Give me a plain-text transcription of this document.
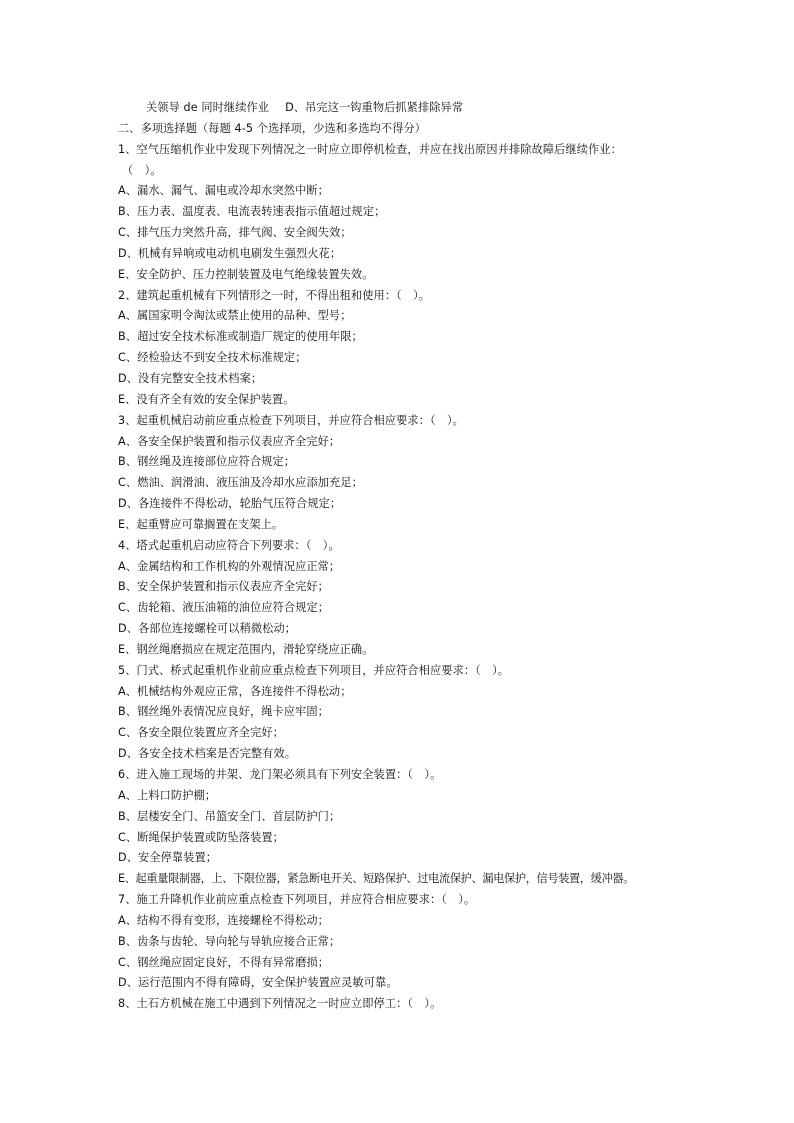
关领导 de 同时继续作业 D、吊完这一钩重物后抓紧排除异常
二、多项选择题（每题 4-5 个选择项，少选和多选均不得分）
1、空气压缩机作业中发现下列情况之一时应立即停机检查，并应在找出原因并排除故障后继续作业：
（　）。
A、漏水、漏气、漏电或冷却水突然中断；
B、压力表、温度表、电流表转速表指示值超过规定；
C、排气压力突然升高，排气阀、安全阀失效；
D、机械有异响或电动机电刷发生强烈火花；
E、安全防护、压力控制装置及电气绝缘装置失效。
2、建筑起重机械有下列情形之一时，不得出租和使用：（　）。
A、属国家明令淘汰或禁止使用的品种、型号；
B、超过安全技术标准或制造厂规定的使用年限；
C、经检验达不到安全技术标准规定；
D、没有完整安全技术档案；
E、没有齐全有效的安全保护装置。
3、起重机械启动前应重点检查下列项目，并应符合相应要求：（　）。
A、各安全保护装置和指示仪表应齐全完好；
B、钢丝绳及连接部位应符合规定；
C、燃油、润滑油、液压油及冷却水应添加充足；
D、各连接件不得松动，轮胎气压符合规定；
E、起重臂应可靠搁置在支架上。
4、塔式起重机启动应符合下列要求：（　）。
A、金属结构和工作机构的外观情况应正常；
B、安全保护装置和指示仪表应齐全完好；
C、齿轮箱、液压油箱的油位应符合规定；
D、各部位连接螺栓可以稍微松动；
E、钢丝绳磨损应在规定范围内，滑轮穿绕应正确。
5、门式、桥式起重机作业前应重点检查下列项目，并应符合相应要求：（　）。
A、机械结构外观应正常，各连接件不得松动；
B、钢丝绳外表情况应良好，绳卡应牢固；
C、各安全限位装置应齐全完好；
D、各安全技术档案是否完整有效。
6、进入施工现场的井架、龙门架必须具有下列安全装置：（　）。
A、上料口防护棚；
B、层楼安全门、吊篮安全门、首层防护门；
C、断绳保护装置或防坠落装置；
D、安全停靠装置；
E、起重量限制器，上、下限位器，紧急断电开关、短路保护、过电流保护、漏电保护，信号装置，缓冲器。
7、施工升降机作业前应重点检查下列项目，并应符合相应要求：（　）。
A、结构不得有变形，连接螺栓不得松动；
B、齿条与齿轮、导向轮与导轨应接合正常；
C、钢丝绳应固定良好，不得有异常磨损；
D、运行范围内不得有障碍，安全保护装置应灵敏可靠。
8、土石方机械在施工中遇到下列情况之一时应立即停工：（　）。
